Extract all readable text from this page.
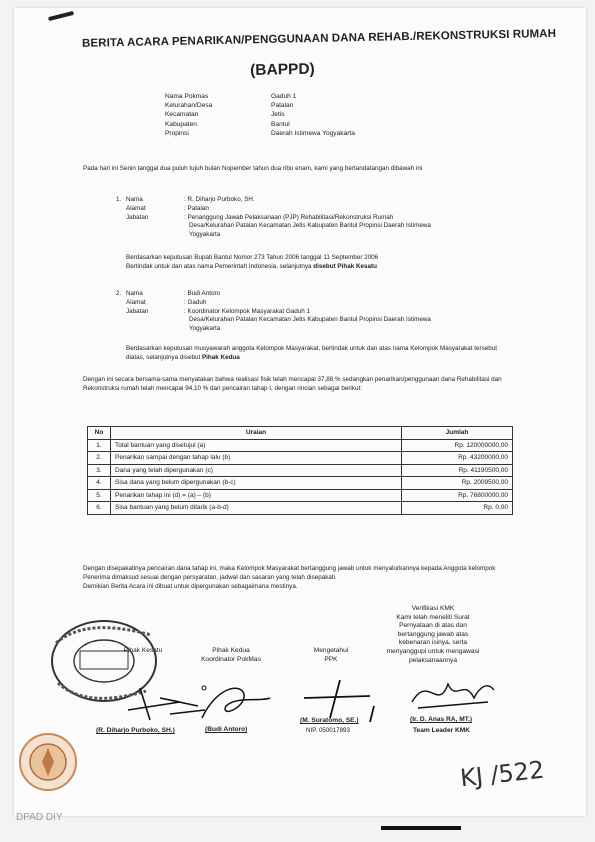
BERITA ACARA PENARIKAN/PENGGUNAAN DANA REHAB./REKONSTRUKSI RUMAH
(BAPPD)
Nama Pokmas	Gaduh 1
Kelurahan/Desa	Patalan
Kecamatan	Jetis
Kabupaten	Bantul
Propinsi	Daerah Istimewa Yogyakarta
Pada hari ini Senin tanggal dua puluh tujuh bulan Nopember tahun dua ribu enam, kami yang bertandatangan dibawah ini
1. Nama	: R. Diharjo Purboko, SH.
Alamat	: Patalan
Jabatan	: Penanggung Jawab Pelaksanaan (PJP) Rehabilitasi/Rekonstruksi Rumah
Desa/Kelurahan Patalan Kecamatan Jetis Kabupaten Bantul Propinsi Daerah Istimewa
Yogyakarta
Berdasarkan keputusan Bupati Bantul Nomor 273 Tahun 2006 tanggal 11 September 2006
Bertindak untuk dan atas nama Pemerintah Indonesia, selanjutnya disebut Pihak Kesatu
2. Nama	: Budi Antoro
Alamat	: Gaduh
Jabatan	: Koordinator Kelompok Masyarakat Gaduh 1
Desa/Kelurahan Patalan Kecamatan Jetis Kabupaten Bantul Propinsi Daerah Istimewa
Yogyakarta
Berdasarkan keputusan musyawarah anggota Kelompok Masyarakat, bertindak untuk dan atas nama Kelompok Masyarakat tersebut diatas, selanjutnya disebut Pihak Kedua
Dengan ini secara bersama-sama menyatakan bahwa realisasi fisik telah mencapai 37,88 % sedangkan penarikan/penggunaan dana Rehabilitasi dan Rekonstruksi rumah telah mencapai 94,10 % dari pencairan tahap I, dengan rincian sebagai berikut:
No	Uraian	Jumlah
1.	Total bantuan yang disetujui (a)	Rp. 120000000,00
2.	Penarikan sampai dengan tahap lalu (b)	Rp. 43200000,00
3.	Dana yang telah dipergunakan (c)	Rp. 41190500,00
4.	Sisa dana yang belum dipergunakan (b-c)	Rp. 2009500,00
5.	Penarikan tahap ini (d) = (a) – (b)	Rp. 76800000,00
6.	Sisa bantuan yang belum ditarik (a-b-d)	Rp. 0,00
Dengan disepakatinya pencairan dana tahap ini, maka Kelompok Masyarakat bertanggung jawab untuk menyalurkannya kepada Anggota kelompok Penerima dimaksud sesuai dengan persyaratan, jadwal dan sasaran yang telah disepakati.
Demikian Berita Acara ini dibuat untuk dipergunakan sebagaimana mestinya.
Verifikasi KMK
Kami telah meneliti Surat
Pernyataan di atas dan
bertanggung jawab atas
kebenaran isinya, serta
menyanggupi untuk mengawasi
pelaksanaannya
Pihak Kesatu	Pihak Kedua
Koordinator PokMas
Mengetahui
PPK
(R. Diharjo Purboko, SH.)	(Budi Antoro)
(M. Suratomo, SE.)
NIP. 050017893
(Ir. D. Anas RA, MT.)
Team Leader KMK
KJ /522
DPAD DIY
